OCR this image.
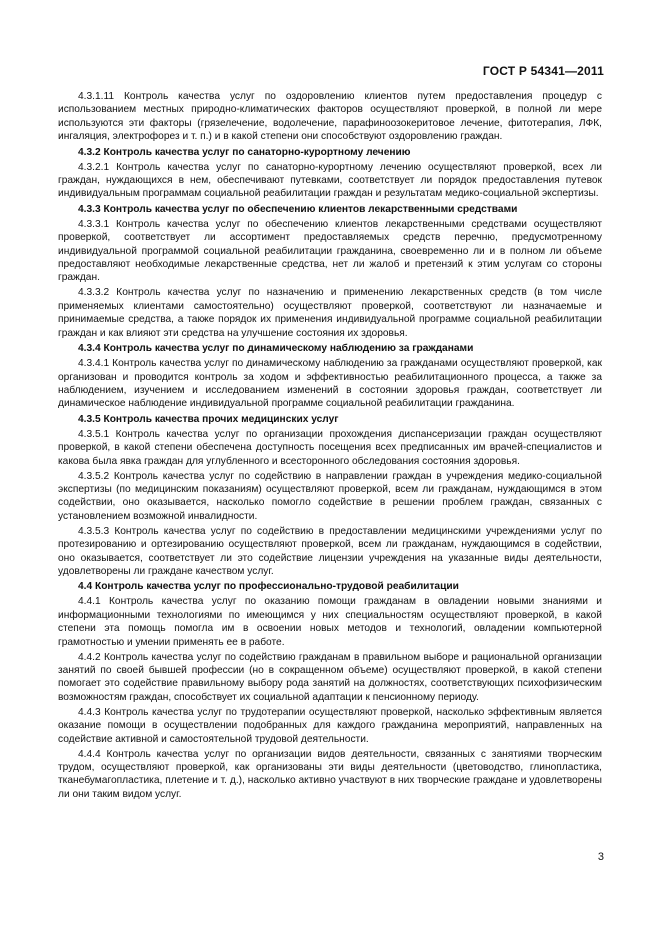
ГОСТ Р 54341—2011

4.3.1.11 Контроль качества услуг по оздоровлению клиентов путем предоставления процедур с использованием местных природно-климатических факторов осуществляют проверкой, в полной ли мере используются эти факторы (грязелечение, водолечение, парафиноозокеритовое лечение, фитотерапия, ЛФК, ингаляция, электрофорез и т. п.) и в какой степени они способствуют оздоровлению граждан.

4.3.2 Контроль качества услуг по санаторно-курортному лечению

4.3.2.1 Контроль качества услуг по санаторно-курортному лечению осуществляют проверкой, всех ли граждан, нуждающихся в нем, обеспечивают путевками, соответствует ли порядок предоставления путевок индивидуальным программам социальной реабилитации граждан и результатам медико-социальной экспертизы.

4.3.3 Контроль качества услуг по обеспечению клиентов лекарственными средствами

4.3.3.1 Контроль качества услуг по обеспечению клиентов лекарственными средствами осуществляют проверкой, соответствует ли ассортимент предоставляемых средств перечню, предусмотренному индивидуальной программой социальной реабилитации гражданина, своевременно ли и в полном ли объеме предоставляют необходимые лекарственные средства, нет ли жалоб и претензий к этим услугам со стороны граждан.

4.3.3.2 Контроль качества услуг по назначению и применению лекарственных средств (в том числе применяемых клиентами самостоятельно) осуществляют проверкой, соответствуют ли назначаемые и принимаемые средства, а также порядок их применения индивидуальной программе социальной реабилитации граждан и как влияют эти средства на улучшение состояния их здоровья.

4.3.4 Контроль качества услуг по динамическому наблюдению за гражданами

4.3.4.1 Контроль качества услуг по динамическому наблюдению за гражданами осуществляют проверкой, как организован и проводится контроль за ходом и эффективностью реабилитационного процесса, а также за наблюдением, изучением и исследованием изменений в состоянии здоровья граждан, соответствует ли динамическое наблюдение индивидуальной программе социальной реабилитации гражданина.

4.3.5 Контроль качества прочих медицинских услуг

4.3.5.1 Контроль качества услуг по организации прохождения диспансеризации граждан осуществляют проверкой, в какой степени обеспечена доступность посещения всех предписанных им врачей-специалистов и какова была явка граждан для углубленного и всесторонного обследования состояния здоровья.

4.3.5.2 Контроль качества услуг по содействию в направлении граждан в учреждения медико-социальной экспертизы (по медицинским показаниям) осуществляют проверкой, всем ли гражданам, нуждающимся в этом содействии, оно оказывается, насколько помогло содействие в решении проблем граждан, связанных с установлением возможной инвалидности.

4.3.5.3 Контроль качества услуг по содействию в предоставлении медицинскими учреждениями услуг по протезированию и ортезированию осуществляют проверкой, всем ли гражданам, нуждающимся в содействии, оно оказывается, соответствует ли это содействие лицензии учреждения на указанные виды деятельности, удовлетворены ли граждане качеством услуг.

4.4 Контроль качества услуг по профессионально-трудовой реабилитации

4.4.1 Контроль качества услуг по оказанию помощи гражданам в овладении новыми знаниями и информационными технологиями по имеющимся у них специальностям осуществляют проверкой, в какой степени эта помощь помогла им в освоении новых методов и технологий, овладении компьютерной грамотностью и умении применять ее в работе.

4.4.2 Контроль качества услуг по содействию гражданам в правильном выборе и рациональной организации занятий по своей бывшей профессии (но в сокращенном объеме) осуществляют проверкой, в какой степени помогает это содействие правильному выбору рода занятий на должностях, соответствующих психофизическим возможностям граждан, способствует их социальной адаптации к пенсионному периоду.

4.4.3 Контроль качества услуг по трудотерапии осуществляют проверкой, насколько эффективным является оказание помощи в осуществлении подобранных для каждого гражданина мероприятий, направленных на содействие активной и самостоятельной трудовой деятельности.

4.4.4 Контроль качества услуг по организации видов деятельности, связанных с занятиями творческим трудом, осуществляют проверкой, как организованы эти виды деятельности (цветоводство, глинопластика, тканебумагопластика, плетение и т. д.), насколько активно участвуют в них творческие граждане и удовлетворены ли они таким видом услуг.

3
